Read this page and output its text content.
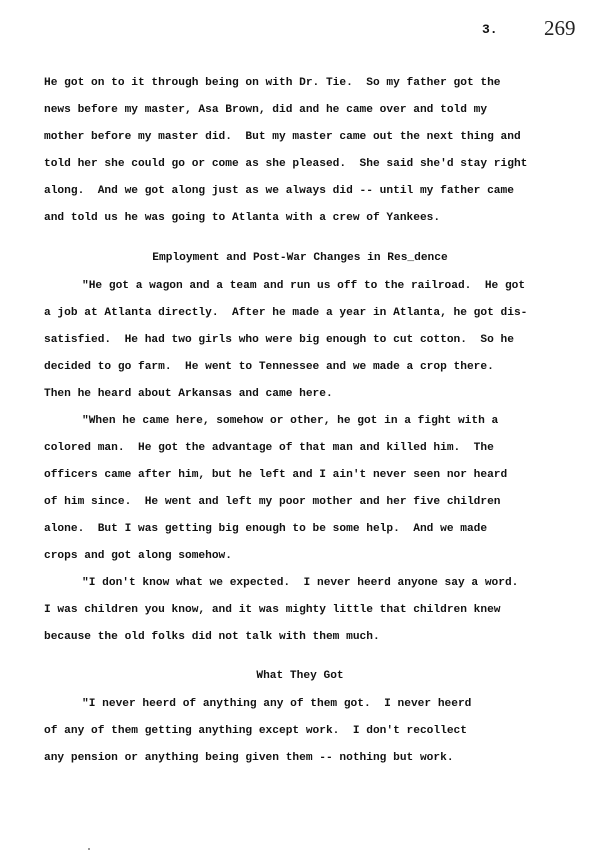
3. 269
He got on to it through being on with Dr. Tie.  So my father got the
news before my master, Asa Brown, did and he came over and told my
mother before my master did.  But my master came out the next thing and
told her she could go or come as she pleased.  She said she'd stay right
along.  And we got along just as we always did -- until my father came
and told us he was going to Atlanta with a crew of Yankees.
Employment and Post-War Changes in Res_dence
"He got a wagon and a team and run us off to the railroad.  He got
a job at Atlanta directly.  After he made a year in Atlanta, he got dis-
satisfied.  He had two girls who were big enough to cut cotton.  So he
decided to go farm.  He went to Tennessee and we made a crop there.
Then he heard about Arkansas and came here.
"When he came here, somehow or other, he got in a fight with a
colored man.  He got the advantage of that man and killed him.  The
officers came after him, but he left and I ain't never seen nor heard
of him since.  He went and left my poor mother and her five children
alone.  But I was getting big enough to be some help.  And we made
crops and got along somehow.
"I don't know what we expected.  I never heerd anyone say a word.
I was children you know, and it was mighty little that children knew
because the old folks did not talk with them much.
What They Got
"I never heerd of anything any of them got.  I never heerd
of any of them getting anything except work.  I don't recollect
any pension or anything being given them -- nothing but work.
